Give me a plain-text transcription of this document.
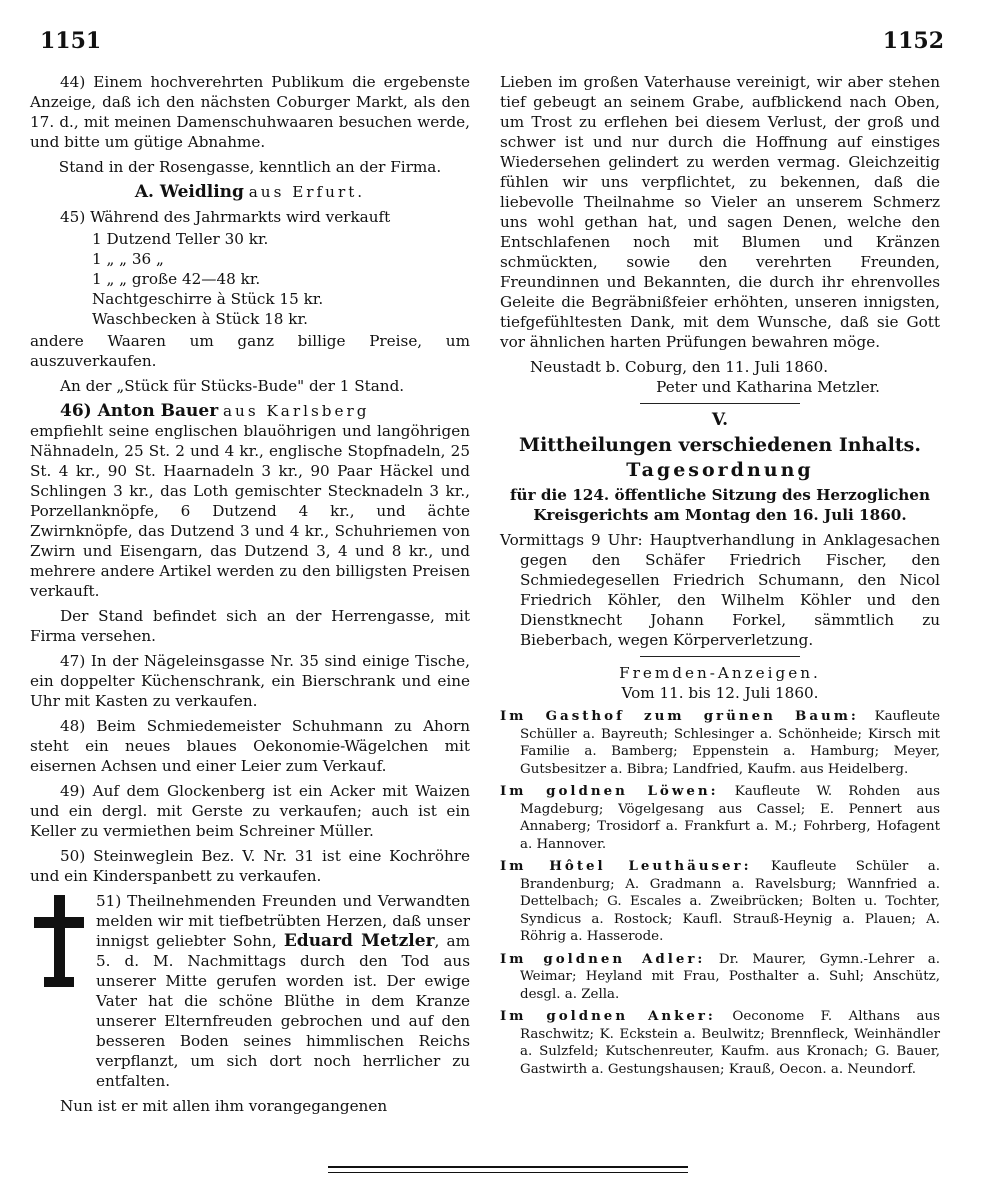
1151	1152

44) Einem hochverehrten Publikum die ergebenste Anzeige, daß ich den nächsten Coburger Markt, als den 17. d., mit meinen Damenschuhwaaren besuchen werde, und bitte um gütige Abnahme.

Stand in der Rosengasse, kenntlich an der Firma.

A. Weidling aus Erfurt.

45) Während des Jahrmarkts wird verkauft

1 Dutzend Teller 30 kr.
1 „ „ 36 „
1 „ „ große 42—48 kr.
Nachtgeschirre à Stück 15 kr.
Waschbecken à Stück 18 kr.

andere Waaren um ganz billige Preise, um auszuverkaufen.

An der „Stück für Stücks-Bude" der 1 Stand.

46) Anton Bauer aus Karlsberg

empfiehlt seine englischen blauöhrigen und langöhrigen Nähnadeln, 25 St. 2 und 4 kr., englische Stopfnadeln, 25 St. 4 kr., 90 St. Haarnadeln 3 kr., 90 Paar Häckel und Schlingen 3 kr., das Loth gemischter Stecknadeln 3 kr., Porzellanknöpfe, 6 Dutzend 4 kr., und ächte Zwirnknöpfe, das Dutzend 3 und 4 kr., Schuhriemen von Zwirn und Eisengarn, das Dutzend 3, 4 und 8 kr., und mehrere andere Artikel werden zu den billigsten Preisen verkauft.

Der Stand befindet sich an der Herrengasse, mit Firma versehen.

47) In der Nägeleinsgasse Nr. 35 sind einige Tische, ein doppelter Küchenschrank, ein Bierschrank und eine Uhr mit Kasten zu verkaufen.

48) Beim Schmiedemeister Schuhmann zu Ahorn steht ein neues blaues Oekonomie-Wägelchen mit eisernen Achsen und einer Leier zum Verkauf.

49) Auf dem Glockenberg ist ein Acker mit Waizen und ein dergl. mit Gerste zu verkaufen; auch ist ein Keller zu vermiethen beim Schreiner Müller.

50) Steinweglein Bez. V. Nr. 31 ist eine Kochröhre und ein Kinderspanbett zu verkaufen.

51) Theilnehmenden Freunden und Verwandten melden wir mit tiefbetrübten Herzen, daß unser innigst geliebter Sohn, Eduard Metzler, am 5. d. M. Nachmittags durch den Tod aus unserer Mitte gerufen worden ist. Der ewige Vater hat die schöne Blüthe in dem Kranze unserer Elternfreuden gebrochen und auf den besseren Boden seines himmlischen Reichs verpflanzt, um sich dort noch herrlicher zu entfalten.

Nun ist er mit allen ihm vorangegangenen

Lieben im großen Vaterhause vereinigt, wir aber stehen tief gebeugt an seinem Grabe, aufblickend nach Oben, um Trost zu erflehen bei diesem Verlust, der groß und schwer ist und nur durch die Hoffnung auf einstiges Wiedersehen gelindert zu werden vermag. Gleichzeitig fühlen wir uns verpflichtet, zu bekennen, daß die liebevolle Theilnahme so Vieler an unserem Schmerz uns wohl gethan hat, und sagen Denen, welche den Entschlafenen noch mit Blumen und Kränzen schmückten, sowie den verehrten Freunden, Freundinnen und Bekannten, die durch ihr ehrenvolles Geleite die Begräbnißfeier erhöhten, unseren innigsten, tiefgefühltesten Dank, mit dem Wunsche, daß sie Gott vor ähnlichen harten Prüfungen bewahren möge.

Neustadt b. Coburg, den 11. Juli 1860.

Peter und Katharina Metzler.

V.

Mittheilungen verschiedenen Inhalts.

Tagesordnung

für die 124. öffentliche Sitzung des Herzoglichen Kreisgerichts am Montag den 16. Juli 1860.

Vormittags 9 Uhr: Hauptverhandlung in Anklagesachen gegen den Schäfer Friedrich Fischer, den Schmiedegesellen Friedrich Schumann, den Nicol Friedrich Köhler, den Wilhelm Köhler und den Dienstknecht Johann Forkel, sämmtlich zu Bieberbach, wegen Körperverletzung.

Fremden-Anzeigen.

Vom 11. bis 12. Juli 1860.

Im Gasthof zum grünen Baum: Kaufleute Schüller a. Bayreuth; Schlesinger a. Schönheide; Kirsch mit Familie a. Bamberg; Eppenstein a. Hamburg; Meyer, Gutsbesitzer a. Bibra; Landfried, Kaufm. aus Heidelberg.

Im goldnen Löwen: Kaufleute W. Rohden aus Magdeburg; Vögelgesang aus Cassel; E. Pennert aus Annaberg; Trosidorf a. Frankfurt a. M.; Fohrberg, Hofagent a. Hannover.

Im Hôtel Leuthäuser: Kaufleute Schüler a. Brandenburg; A. Gradmann a. Ravelsburg; Wannfried a. Dettelbach; G. Escales a. Zweibrücken; Bolten u. Tochter, Syndicus a. Rostock; Kaufl. Strauß-Heynig a. Plauen; A. Röhrig a. Hasserode.

Im goldnen Adler: Dr. Maurer, Gymn.-Lehrer a. Weimar; Heyland mit Frau, Posthalter a. Suhl; Anschütz, desgl. a. Zella.

Im goldnen Anker: Oeconome F. Althans aus Raschwitz; K. Eckstein a. Beulwitz; Brennfleck, Weinhändler a. Sulzfeld; Kutschenreuter, Kaufm. aus Kronach; G. Bauer, Gastwirth a. Gestungshausen; Krauß, Oecon. a. Neundorf.
